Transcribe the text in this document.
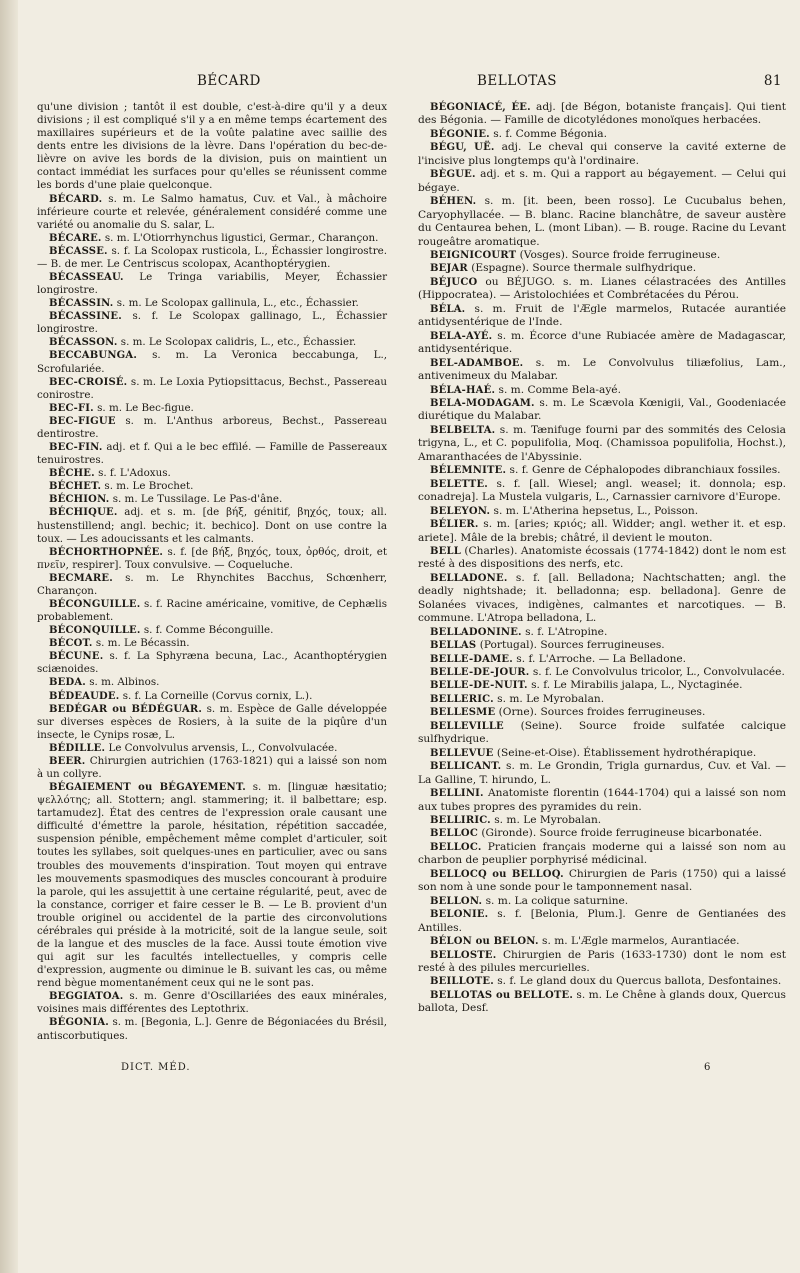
BÉCARD	BELLOTAS	81

qu'une division ; tantôt il est double, c'est-à-dire qu'il y a deux divisions ; il est compliqué s'il y a en même temps écartement des maxillaires supérieurs et de la voûte palatine avec saillie des dents entre les divisions de la lèvre. Dans l'opération du bec-de-lièvre on avive les bords de la division, puis on maintient un contact immédiat les surfaces pour qu'elles se réunissent comme les bords d'une plaie quelconque.

BÉCARD. s. m. Le Salmo hamatus, Cuv. et Val., à mâchoire inférieure courte et relevée, généralement considéré comme une variété ou anomalie du S. salar, L.

BÉCARE. s. m. L'Otiorrhynchus ligustici, Germar., Charançon.

BÉCASSE. s. f. La Scolopax rusticola, L., Échassier longirostre. — B. de mer. Le Centriscus scolopax, Acanthoptérygien.

BÉCASSEAU. Le Tringa variabilis, Meyer, Échassier longirostre.

BÉCASSIN. s. m. Le Scolopax gallinula, L., etc., Échassier.

BÉCASSINE. s. f. Le Scolopax gallinago, L., Échassier longirostre.

BÉCASSON. s. m. Le Scolopax calidris, L., etc., Échassier.

BECCABUNGA. s. m. La Veronica beccabunga, L., Scrofulariée.

BEC-CROISÉ. s. m. Le Loxia Pytiopsittacus, Bechst., Passereau conirostre.

BEC-FI. s. m. Le Bec-figue.

BEC-FIGUE s. m. L'Anthus arboreus, Bechst., Passereau dentirostre.

BEC-FIN. adj. et f. Qui a le bec effilé. — Famille de Passereaux tenuirostres.

BÊCHE. s. f. L'Adoxus.

BÉCHET. s. m. Le Brochet.

BÉCHION. s. m. Le Tussilage. Le Pas-d'âne.

BÉCHIQUE. adj. et s. m. [de βήξ, génitif, βηχός, toux; all. hustenstillend; angl. bechic; it. bechico]. Dont on use contre la toux. — Les adoucissants et les calmants.

BÉCHORTHOPNÉE. s. f. [de βήξ, βηχός, toux, ὀρθός, droit, et πνεῖν, respirer]. Toux convulsive. — Coqueluche.

BECMARE. s. m. Le Rhynchites Bacchus, Schœnherr, Charançon.

BÉCONGUILLE. s. f. Racine américaine, vomitive, de Cephælis probablement.

BÉCONQUILLE. s. f. Comme Béconguille.

BÉCOT. s. m. Le Bécassin.

BÉCUNE. s. f. La Sphyræna becuna, Lac., Acanthoptérygien sciænoides.

BEDA. s. m. Albinos.

BÉDEAUDE. s. f. La Corneille (Corvus cornix, L.).

BEDÉGAR ou BÉDÉGUAR. s. m. Espèce de Galle développée sur diverses espèces de Rosiers, à la suite de la piqûre d'un insecte, le Cynips rosæ, L.

BÉDILLE. Le Convolvulus arvensis, L., Convolvulacée.

BEER. Chirurgien autrichien (1763-1821) qui a laissé son nom à un collyre.

BÉGAIEMENT ou BÉGAYEMENT. s. m. [linguæ hæsitatio; ψελλότης; all. Stottern; angl. stammering; it. il balbettare; esp. tartamudez]. État des centres de l'expression orale causant une difficulté d'émettre la parole, hésitation, répétition saccadée, suspension pénible, empêchement même complet d'articuler, soit toutes les syllabes, soit quelques-unes en particulier, avec ou sans troubles des mouvements d'inspiration. Tout moyen qui entrave les mouvements spasmodiques des muscles concourant à produire la parole, qui les assujettit à une certaine régularité, peut, avec de la constance, corriger et faire cesser le B. — Le B. provient d'un trouble originel ou accidentel de la partie des circonvolutions cérébrales qui préside à la motricité, soit de la langue seule, soit de la langue et des muscles de la face. Aussi toute émotion vive qui agit sur les facultés intellectuelles, y compris celle d'expression, augmente ou diminue le B. suivant les cas, ou même rend bègue momentanément ceux qui ne le sont pas.

BEGGIATOA. s. m. Genre d'Oscillariées des eaux minérales, voisines mais différentes des Leptothrix.

BÉGONIA. s. m. [Begonia, L.]. Genre de Bégoniacées du Brésil, antiscorbutiques.

BÉGONIACÉ, ÉE. adj. [de Bégon, botaniste français]. Qui tient des Bégonia. — Famille de dicotylédones monoïques herbacées.

BÉGONIE. s. f. Comme Bégonia.

BÉGU, UË. adj. Le cheval qui conserve la cavité externe de l'incisive plus longtemps qu'à l'ordinaire.

BÈGUE. adj. et s. m. Qui a rapport au bégayement. — Celui qui bégaye.

BÉHEN. s. m. [it. been, been rosso]. Le Cucubalus behen, Caryophyllacée. — B. blanc. Racine blanchâtre, de saveur austère du Centaurea behen, L. (mont Liban). — B. rouge. Racine du Levant rougeâtre aromatique.

BEIGNICOURT (Vosges). Source froide ferrugineuse.

BEJAR (Espagne). Source thermale sulfhydrique.

BÉJUCO ou BÉJUGO. s. m. Lianes célastracées des Antilles (Hippocratea). — Aristolochiées et Combrétacées du Pérou.

BÉLA. s. m. Fruit de l'Ægle marmelos, Rutacée aurantiée antidysentérique de l'Inde.

BELA-AYÉ. s. m. Écorce d'une Rubiacée amère de Madagascar, antidysentérique.

BEL-ADAMBOE. s. m. Le Convolvulus tiliæfolius, Lam., antivenimeux du Malabar.

BÉLA-HAÉ. s. m. Comme Bela-ayé.

BELA-MODAGAM. s. m. Le Scævola Kœnigii, Val., Goodeniacée diurétique du Malabar.

BELBELTA. s. m. Tænifuge fourni par des sommités des Celosia trigyna, L., et C. populifolia, Moq. (Chamissoa populifolia, Hochst.), Amaranthacées de l'Abyssinie.

BÉLEMNITE. s. f. Genre de Céphalopodes dibranchiaux fossiles.

BELETTE. s. f. [all. Wiesel; angl. weasel; it. donnola; esp. conadreja]. La Mustela vulgaris, L., Carnassier carnivore d'Europe.

BELEYON. s. m. L'Atherina hepsetus, L., Poisson.

BÉLIER. s. m. [aries; κριός; all. Widder; angl. wether it. et esp. ariete]. Mâle de la brebis; châtré, il devient le mouton.

BELL (Charles). Anatomiste écossais (1774-1842) dont le nom est resté à des dispositions des nerfs, etc.

BELLADONE. s. f. [all. Belladona; Nachtschatten; angl. the deadly nightshade; it. belladonna; esp. belladona]. Genre de Solanées vivaces, indigènes, calmantes et narcotiques. — B. commune. L'Atropa belladona, L.

BELLADONINE. s. f. L'Atropine.

BELLAS (Portugal). Sources ferrugineuses.

BELLE-DAME. s. f. L'Arroche. — La Belladone.

BELLE-DE-JOUR. s. f. Le Convolvulus tricolor, L., Convolvulacée.

BELLE-DE-NUIT. s. f. Le Mirabilis jalapa, L., Nyctaginée.

BELLERIC. s. m. Le Myrobalan.

BELLESME (Orne). Sources froides ferrugineuses.

BELLEVILLE (Seine). Source froide sulfatée calcique sulfhydrique.

BELLEVUE (Seine-et-Oise). Établissement hydrothérapique.

BELLICANT. s. m. Le Grondin, Trigla gurnardus, Cuv. et Val. — La Galline, T. hirundo, L.

BELLINI. Anatomiste florentin (1644-1704) qui a laissé son nom aux tubes propres des pyramides du rein.

BELLIRIC. s. m. Le Myrobalan.

BELLOC (Gironde). Source froide ferrugineuse bicarbonatée.

BELLOC. Praticien français moderne qui a laissé son nom au charbon de peuplier porphyrisé médicinal.

BELLOCQ ou BELLOQ. Chirurgien de Paris (1750) qui a laissé son nom à une sonde pour le tamponnement nasal.

BELLON. s. m. La colique saturnine.

BELONIE. s. f. [Belonia, Plum.]. Genre de Gentianées des Antilles.

BÉLON ou BELON. s. m. L'Ægle marmelos, Aurantiacée.

BELLOSTE. Chirurgien de Paris (1633-1730) dont le nom est resté à des pilules mercurielles.

BEILLOTE. s. f. Le gland doux du Quercus ballota, Desfontaines.

BELLOTAS ou BELLOTE. s. m. Le Chêne à glands doux, Quercus ballota, Desf.

DICT. MÉD.	6
